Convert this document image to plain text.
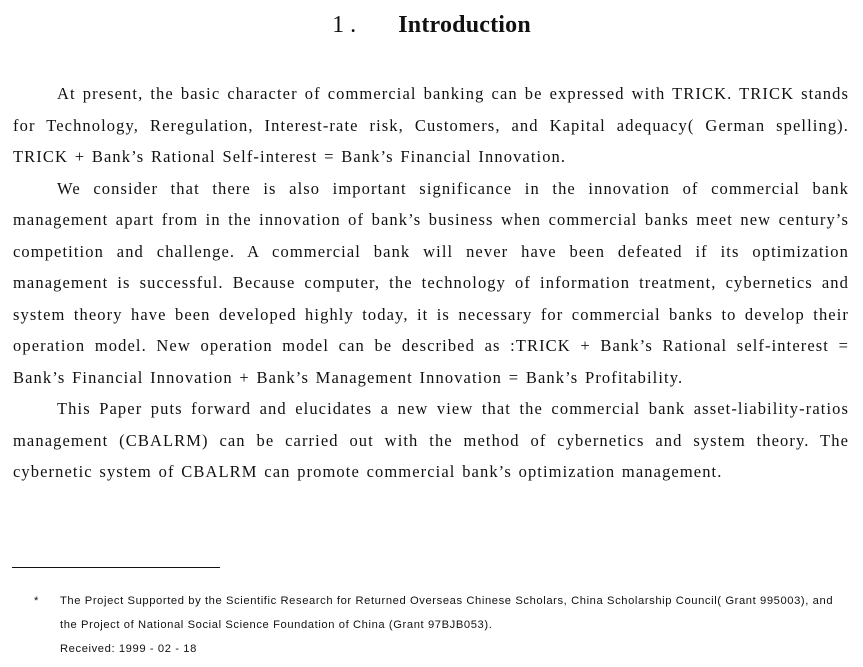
1. Introduction

At present, the basic character of commercial banking can be expressed with TRICK. TRICK stands for Technology, Reregulation, Interest-rate risk, Customers, and Kapital adequacy( German spelling). TRICK + Bank’s Rational Self-interest = Bank’s Financial Innovation.

We consider that there is also important significance in the innovation of commercial bank management apart from in the innovation of bank’s business when commercial banks meet new century’s competition and challenge. A commercial bank will never have been defeated if its optimization management is successful. Because computer, the technology of information treatment, cybernetics and system theory have been developed highly today, it is necessary for commercial banks to develop their operation model. New operation model can be described as :TRICK + Bank’s Rational self-interest = Bank’s Financial Innovation + Bank’s Management Innovation = Bank’s Profitability.

This Paper puts forward and elucidates a new view that the commercial bank asset-liability-ratios management (CBALRM) can be carried out with the method of cybernetics and system theory. The cybernetic system of CBALRM can promote commercial bank’s optimization management.

*	The Project Supported by the Scientific Research for Returned Overseas Chinese Scholars, China Scholarship Council( Grant 995003), and the Project of National Social Science Foundation of China (Grant 97BJB053).
Received: 1999 - 02 - 18
